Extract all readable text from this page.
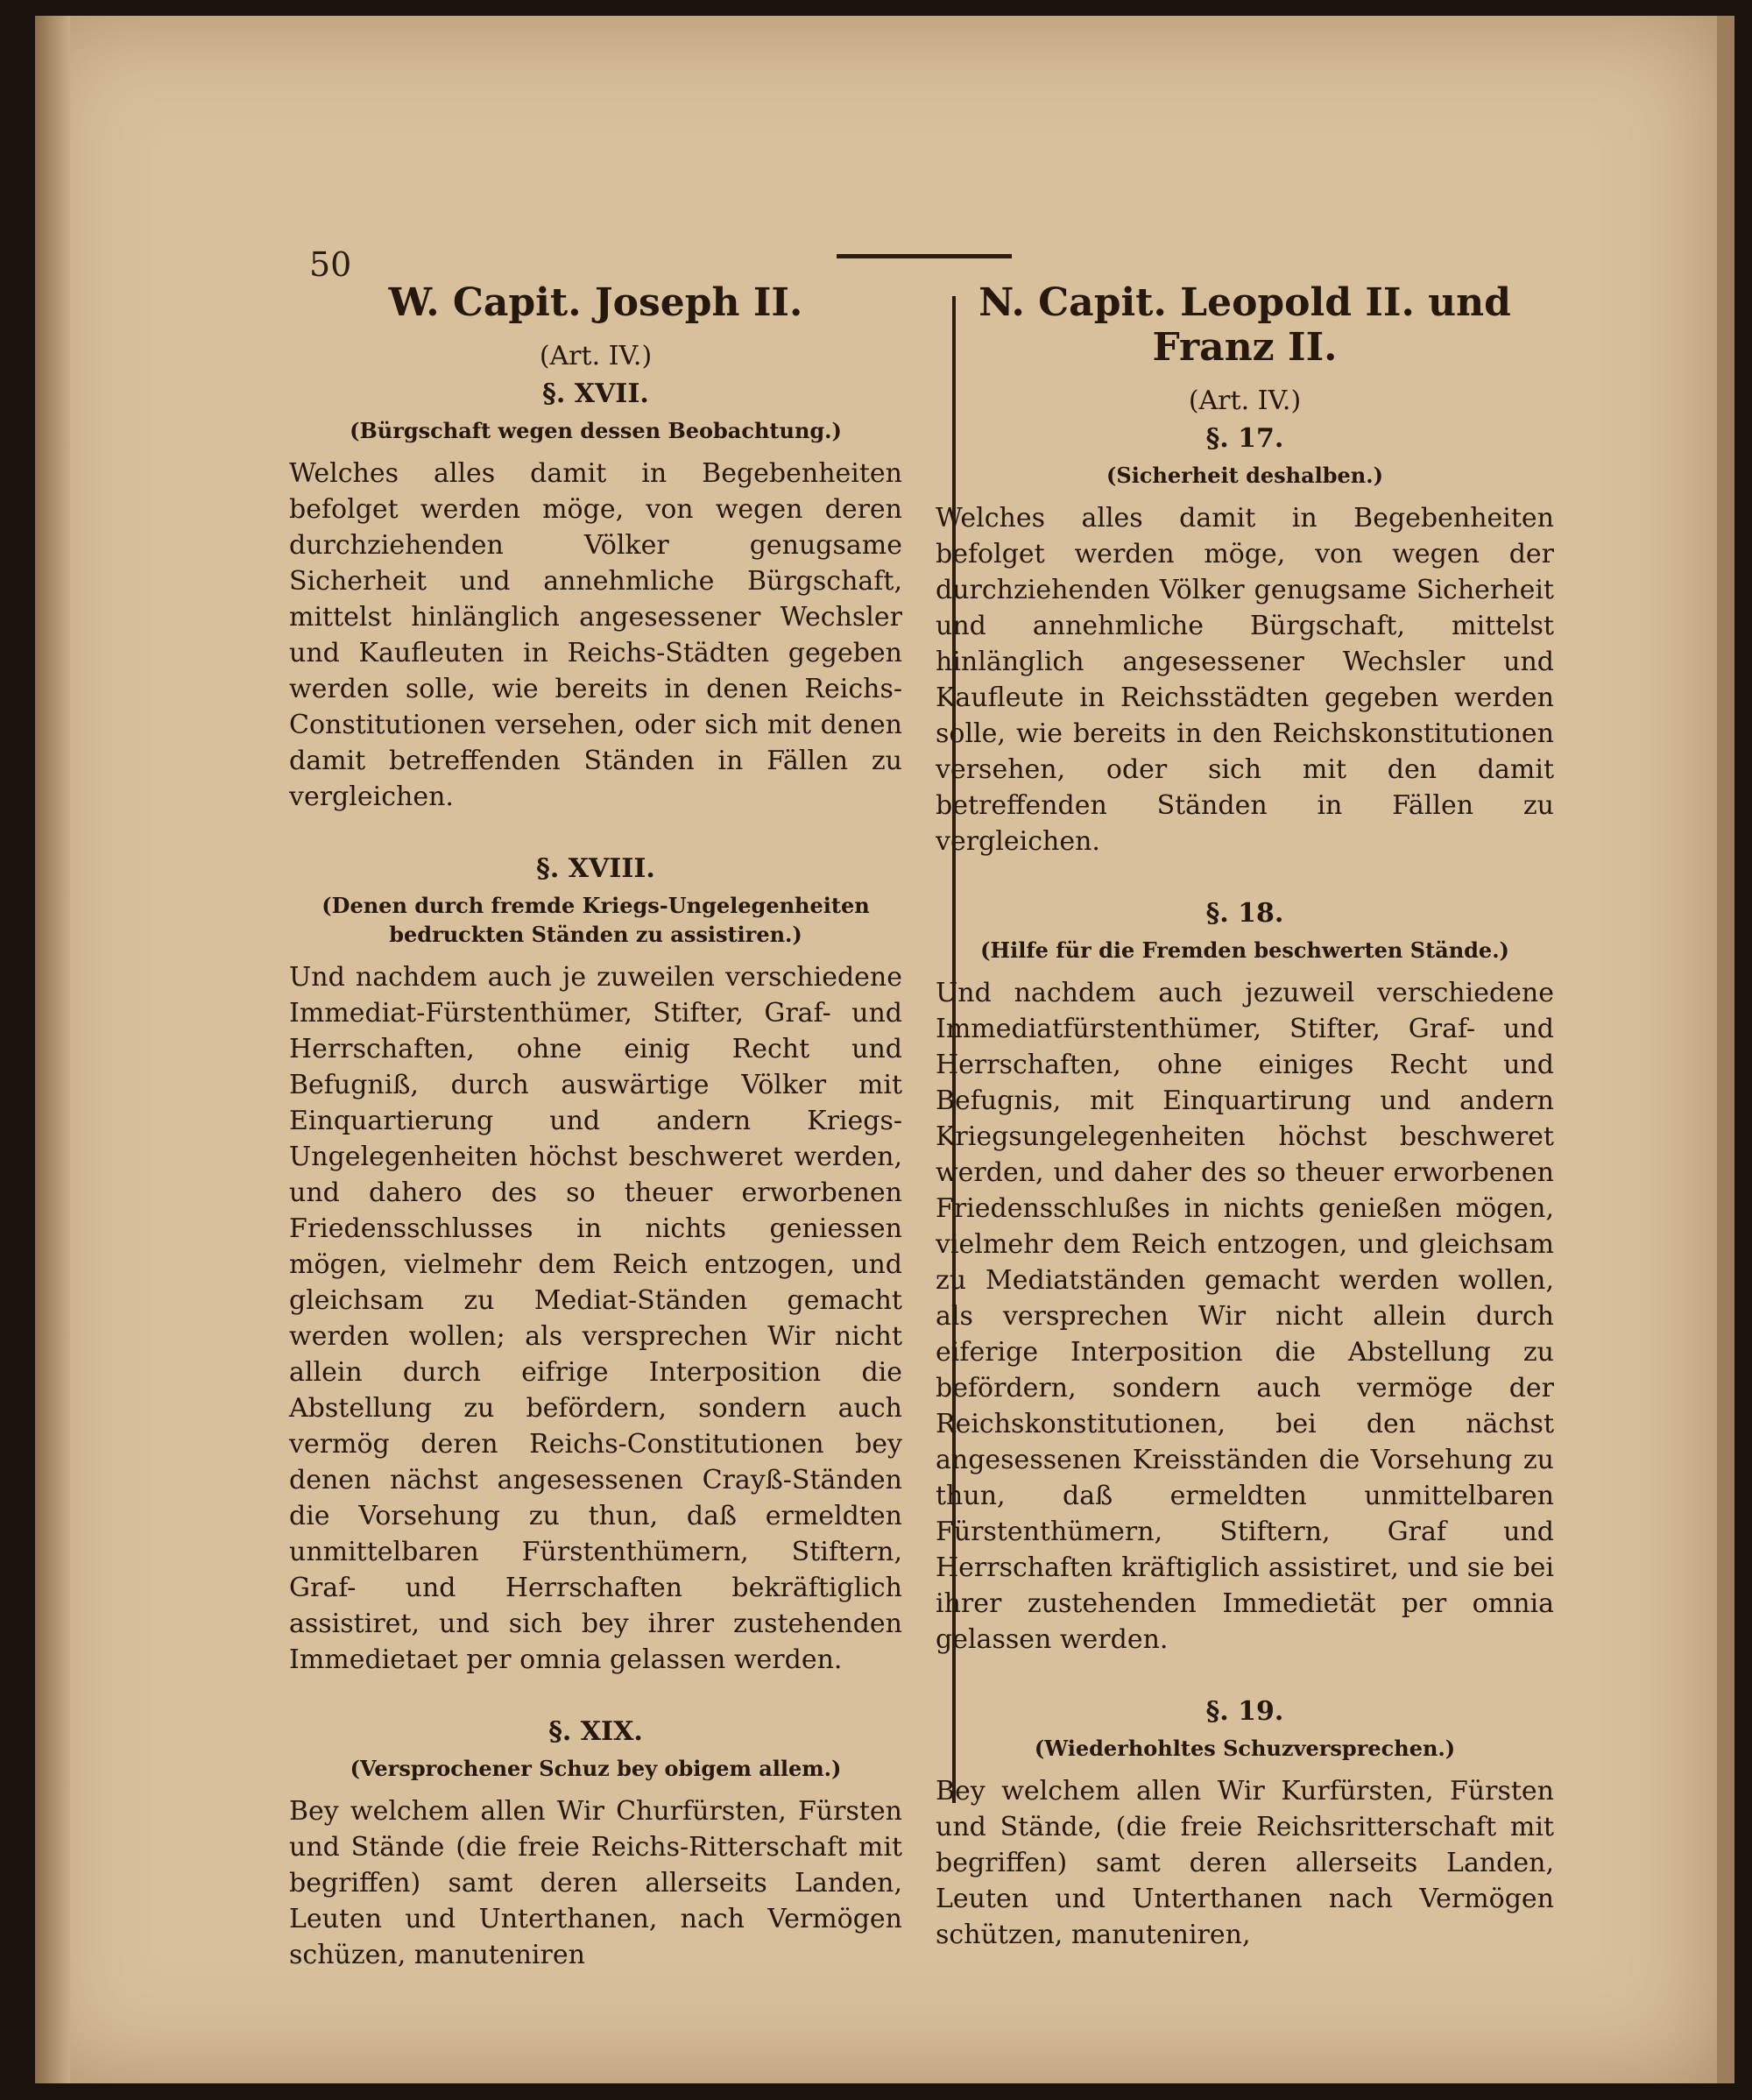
50
W. Capit. Joseph II.
(Art. IV.)
§. XVII.
(Bürgschaft wegen dessen Beobachtung.)
Welches alles damit in Begebenheiten befolget werden möge, von wegen deren durchziehenden Völker genugsame Sicherheit und annehmliche Bürgschaft, mittelst hinlänglich angesessener Wechsler und Kaufleuten in Reichs-Städten gegeben werden solle, wie bereits in denen Reichs-Constitutionen versehen, oder sich mit denen damit betreffenden Ständen in Fällen zu vergleichen.
§. XVIII.
(Denen durch fremde Kriegs-Ungelegenheiten bedruckten Ständen zu assistiren.)
Und nachdem auch je zuweilen verschiedene Immediat-Fürstenthümer, Stifter, Graf- und Herrschaften, ohne einig Recht und Befugniß, durch auswärtige Völker mit Einquartierung und andern Kriegs-Ungelegenheiten höchst beschweret werden, und dahero des so theuer erworbenen Friedensschlusses in nichts geniessen mögen, vielmehr dem Reich entzogen, und gleichsam zu Mediat-Ständen gemacht werden wollen; als versprechen Wir nicht allein durch eifrige Interposition die Abstellung zu befördern, sondern auch vermög deren Reichs-Constitutionen bey denen nächst angesessenen Crayß-Ständen die Vorsehung zu thun, daß ermeldten unmittelbaren Fürstenthümern, Stiftern, Graf- und Herrschaften bekräftiglich assistiret, und sich bey ihrer zustehenden Immedietaet per omnia gelassen werden.
§. XIX.
(Versprochener Schuz bey obigem allem.)
Bey welchem allen Wir Churfürsten, Fürsten und Stände (die freie Reichs-Ritterschaft mit begriffen) samt deren allerseits Landen, Leuten und Unterthanen, nach Vermögen schüzen, manuteniren
N. Capit. Leopold II. und Franz II.
(Art. IV.)
§. 17.
(Sicherheit deshalben.)
Welches alles damit in Begebenheiten befolget werden möge, von wegen der durchziehenden Völker genugsame Sicherheit und annehmliche Bürgschaft, mittelst hinlänglich angesessener Wechsler und Kaufleute in Reichsstädten gegeben werden solle, wie bereits in den Reichskonstitutionen versehen, oder sich mit den damit betreffenden Ständen in Fällen zu vergleichen.
§. 18.
(Hilfe für die Fremden beschwerten Stände.)
Und nachdem auch jezuweil verschiedene Immediatfürstenthümer, Stifter, Graf- und Herrschaften, ohne einiges Recht und Befugnis, mit Einquartirung und andern Kriegsungelegenheiten höchst beschweret werden, und daher des so theuer erworbenen Friedensschlußes in nichts genießen mögen, vielmehr dem Reich entzogen, und gleichsam zu Mediatständen gemacht werden wollen, als versprechen Wir nicht allein durch eiferige Interposition die Abstellung zu befördern, sondern auch vermöge der Reichskonstitutionen, bei den nächst angesessenen Kreisständen die Vorsehung zu thun, daß ermeldten unmittelbaren Fürstenthümern, Stiftern, Graf und Herrschaften kräftiglich assistiret, und sie bei ihrer zustehenden Immedietät per omnia gelassen werden.
§. 19.
(Wiederhohltes Schuzversprechen.)
Bey welchem allen Wir Kurfürsten, Fürsten und Stände, (die freie Reichsritterschaft mit begriffen) samt deren allerseits Landen, Leuten und Unterthanen nach Vermögen schützen, manuteniren,
